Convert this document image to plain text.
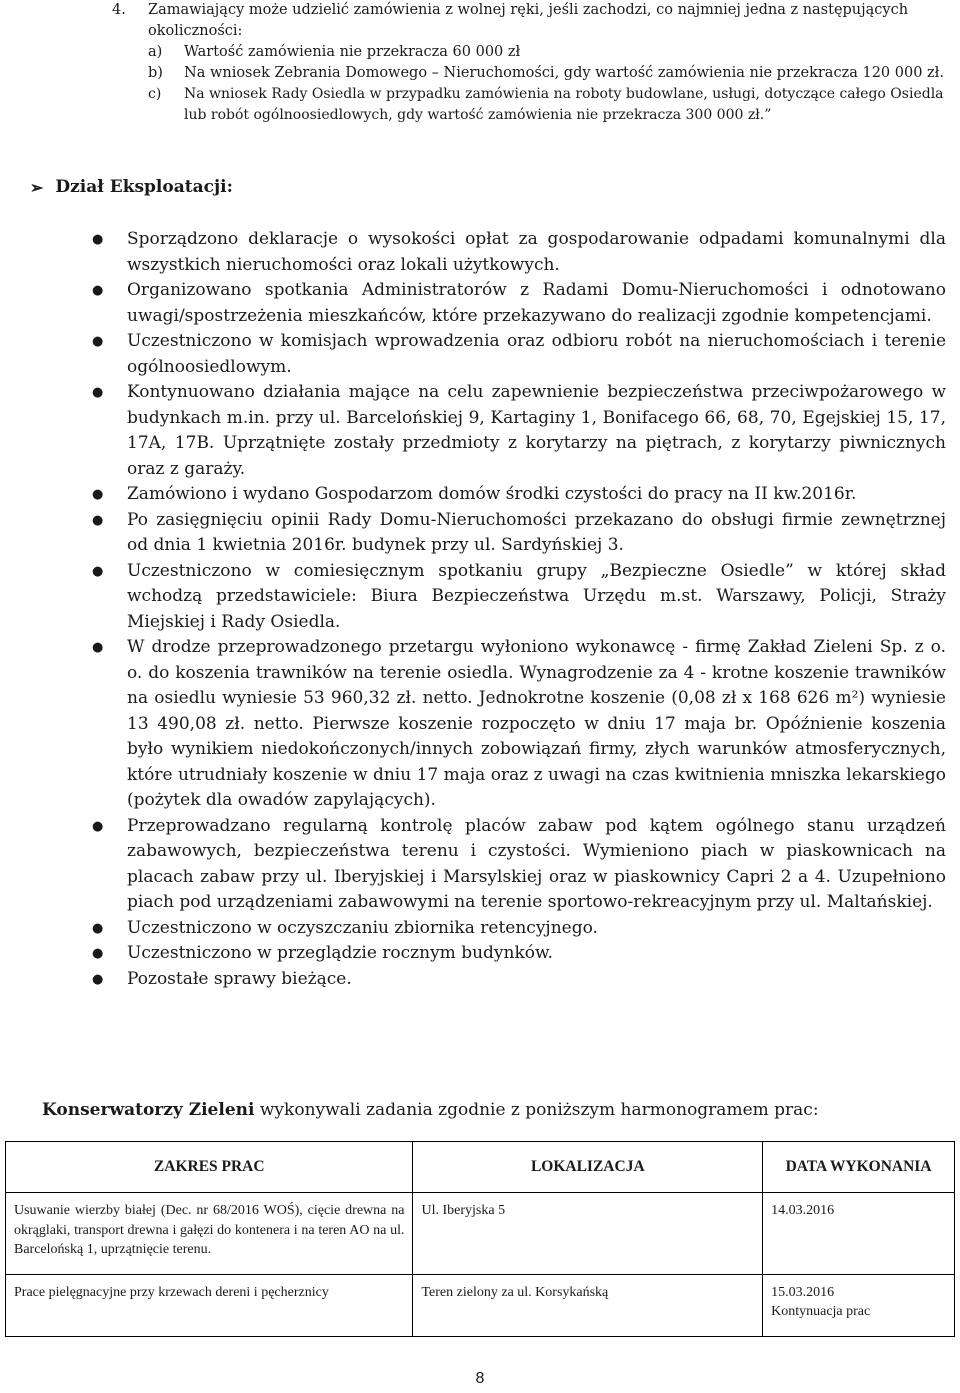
4. Zamawiający może udzielić zamówienia z wolnej ręki, jeśli zachodzi, co najmniej jedna z następujących okoliczności:
a) Wartość zamówienia nie przekracza 60 000 zł
b) Na wniosek Zebrania Domowego – Nieruchomości, gdy wartość zamówienia nie przekracza 120 000 zł.
c) Na wniosek Rady Osiedla w przypadku zamówienia na roboty budowlane, usługi, dotyczące całego Osiedla lub robót ogólnoosiedlowych, gdy wartość zamówienia nie przekracza 300 000 zł.”
➢ Dział Eksploatacji:
● Sporządzono deklaracje o wysokości opłat za gospodarowanie odpadami komunalnymi dla wszystkich nieruchomości oraz lokali użytkowych.
● Organizowano spotkania Administratorów z Radami Domu-Nieruchomości i odnotowano uwagi/spostrzeżenia mieszkańców, które przekazywano do realizacji zgodnie kompetencjami.
● Uczestniczono w komisjach wprowadzenia oraz odbioru robót na nieruchomościach i terenie ogólnoosiedlowym.
● Kontynuowano działania mające na celu zapewnienie bezpieczeństwa przeciwpożarowego w budynkach m.in. przy ul. Barcelońskiej 9, Kartaginy 1, Bonifacego 66, 68, 70, Egejskiej 15, 17, 17A, 17B. Uprzątnięte zostały przedmioty z korytarzy na piętrach, z korytarzy piwnicznych oraz z garaży.
● Zamówiono i wydano Gospodarzom domów środki czystości do pracy na II kw.2016r.
● Po zasięgnięciu opinii Rady Domu-Nieruchomości przekazano do obsługi firmie zewnętrznej od dnia 1 kwietnia 2016r. budynek przy ul. Sardyńskiej 3.
● Uczestniczono w comiesięcznym spotkaniu grupy „Bezpieczne Osiedle” w której skład wchodzą przedstawiciele: Biura Bezpieczeństwa Urzędu m.st. Warszawy, Policji, Straży Miejskiej i Rady Osiedla.
● W drodze przeprowadzonego przetargu wyłoniono wykonawcę - firmę Zakład Zieleni Sp. z o. o. do koszenia trawników na terenie osiedla. Wynagrodzenie za 4 - krotne koszenie trawników na osiedlu wyniesie 53 960,32 zł. netto. Jednokrotne koszenie (0,08 zł x 168 626 m²) wyniesie 13 490,08 zł. netto. Pierwsze koszenie rozpoczęto w dniu 17 maja br. Opóźnienie koszenia było wynikiem niedokończonych/innych zobowiązań firmy, złych warunków atmosferycznych, które utrudniały koszenie w dniu 17 maja oraz z uwagi na czas kwitnienia mniszka lekarskiego (pożytek dla owadów zapylających).
● Przeprowadzano regularną kontrolę placów zabaw pod kątem ogólnego stanu urządzeń zabawowych, bezpieczeństwa terenu i czystości. Wymieniono piach w piaskownicach na placach zabaw przy ul. Iberyjskiej i Marsylskiej oraz w piaskownicy Capri 2 a 4. Uzupełniono piach pod urządzeniami zabawowymi na terenie sportowo-rekreacyjnym przy ul. Maltańskiej.
● Uczestniczono w oczyszczaniu zbiornika retencyjnego.
● Uczestniczono w przeglądzie rocznym budynków.
● Pozostałe sprawy bieżące.
Konserwatorzy Zieleni wykonywali zadania zgodnie z poniższym harmonogramem prac:
ZAKRES PRAC	LOKALIZACJA	DATA WYKONANIA
Usuwanie wierzby białej (Dec. nr 68/2016 WOŚ), cięcie drewna na okrąglaki, transport drewna i gałęzi do kontenera i na teren AO na ul. Barcelońską 1, uprzątnięcie terenu.	Ul. Iberyjska 5	14.03.2016
Prace pielęgnacyjne przy krzewach dereni i pęcherznicy	Teren zielony za ul. Korsykańską	15.03.2016
Kontynuacja prac
8
